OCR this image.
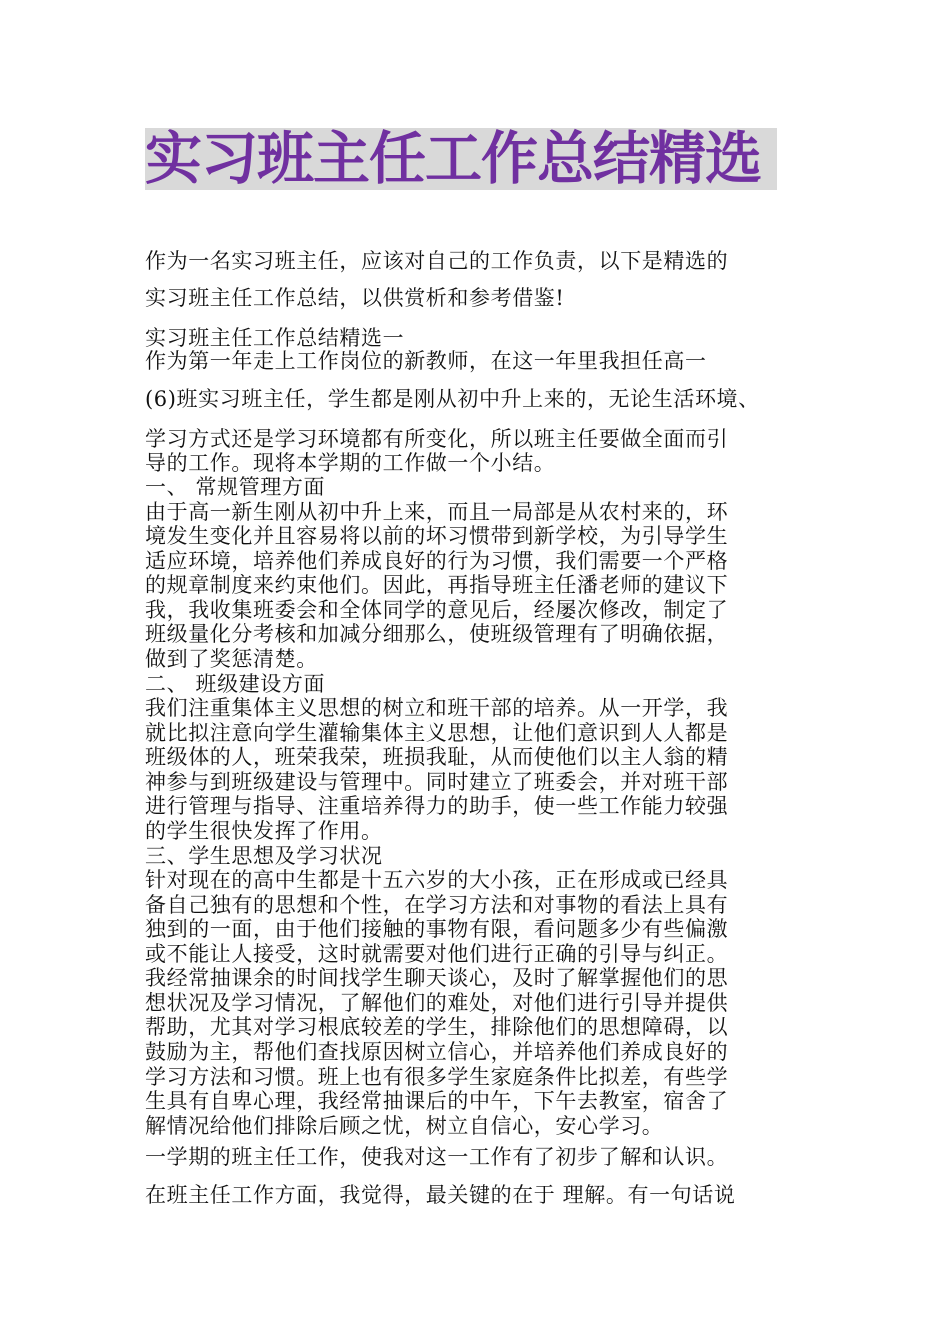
实习班主任工作总结精选
作为一名实习班主任，应该对自己的工作负责，以下是精选的
实习班主任工作总结，以供赏析和参考借鉴!
实习班主任工作总结精选一
作为第一年走上工作岗位的新教师，在这一年里我担任高一
(6)班实习班主任，学生都是刚从初中升上来的，无论生活环境、
学习方式还是学习环境都有所变化，所以班主任要做全面而引
导的工作。现将本学期的工作做一个小结。
一、 常规管理方面
由于高一新生刚从初中升上来，而且一局部是从农村来的，环
境发生变化并且容易将以前的坏习惯带到新学校，为引导学生
适应环境，培养他们养成良好的行为习惯，我们需要一个严格
的规章制度来约束他们。因此，再指导班主任潘老师的建议下
我，我收集班委会和全体同学的意见后，经屡次修改，制定了
班级量化分考核和加减分细那么，使班级管理有了明确依据，
做到了奖惩清楚。
二、 班级建设方面
我们注重集体主义思想的树立和班干部的培养。从一开学，我
就比拟注意向学生灌输集体主义思想，让他们意识到人人都是
班级体的人，班荣我荣，班损我耻，从而使他们以主人翁的精
神参与到班级建设与管理中。同时建立了班委会，并对班干部
进行管理与指导、注重培养得力的助手，使一些工作能力较强
的学生很快发挥了作用。
三、学生思想及学习状况
针对现在的高中生都是十五六岁的大小孩，正在形成或已经具
备自己独有的思想和个性，在学习方法和对事物的看法上具有
独到的一面，由于他们接触的事物有限，看问题多少有些偏激
或不能让人接受，这时就需要对他们进行正确的引导与纠正。
我经常抽课余的时间找学生聊天谈心，及时了解掌握他们的思
想状况及学习情况，了解他们的难处，对他们进行引导并提供
帮助，尤其对学习根底较差的学生，排除他们的思想障碍，以
鼓励为主，帮他们查找原因树立信心，并培养他们养成良好的
学习方法和习惯。班上也有很多学生家庭条件比拟差，有些学
生具有自卑心理，我经常抽课后的中午，下午去教室，宿舍了
解情况给他们排除后顾之忧，树立自信心，安心学习。
一学期的班主任工作，使我对这一工作有了初步了解和认识。
在班主任工作方面，我觉得，最关键的在于 理解。有一句话说
